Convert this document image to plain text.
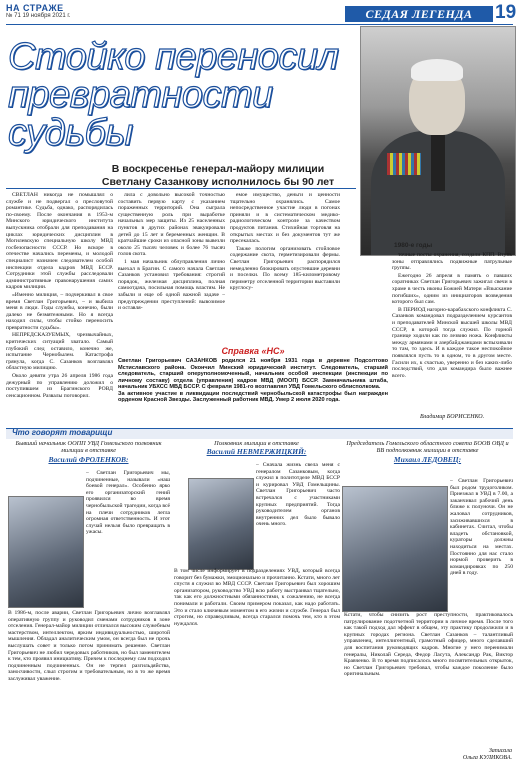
НА СТРАЖЕ
№ 71 19 ноября 2021 г.	СЕДАЯ ЛЕГЕНДА	19
Стойко переносил
превратности судьбы
1980-е годы
В воскресенье генерал-майору милиции Светлану Сазанкову исполнилось бы 90 лет

СВЕТЛАН никогда не помышлял о службе и не подвергал о пресловутой романтике. Судьба, однако, распорядилась по-своему. После окончания в 1953-м Минского юридического института выпускника отобрали для преподавания на циклах юридических дисциплин в Могилевскую специальную школу МВД госбезопасности СССР. Но вскоре в отечестве начались перемены, и молодой специалист назначен следователем особой инспекции отдела кадров МВД БССР. Сотрудники этой службы расследовали административные правонарушения самих кадров милиции.

«Именно милиция, – подчеркивал в свое время Светлан Григорьевич, – и выбила меня в люди. Годы службы, конечно, были далеко не безмятежными. Но я всегда находил силы, чтобы стойко переносить превратности судьбы».

НЕПРЕДСКАЗУЕМЫХ, чрезвычайных, критических ситуаций хватало. Самый глубокий след оставило, конечно же, испытание Чернобылем. Катастрофа грянула, когда С. Сазанков возглавлял областную милицию.

Около девяти утра 26 апреля 1986 года дежурный по управлению доложил о поступившем из Брагинского РОВД сенсационном. Развалы поговорил.

лила с довольно высокой точностью составить первую карту с указанием пораженных территорий. Она сыграла существенную роль при выработке начальных мер защиты. Из 25 населенных пунктов в других районах эвакуировали детей до 15 лет и беременных женщин. В кратчайшие сроки из опасной зоны вывезли около 25 тысяч человек и более 76 тысяч голов скота.

1 мая начальник облуправления лично выехал в Брагин. С самого начала Светлан Сазанков установил требования: строгий порядок, железная дисциплина, полная самоотдача, посильная помощь властям. Не забыли и еще об одной важной задаче – предупреждении преступлений: вывозимое и оставля-

емое имущество, деньги и ценности тщательно охранялись. Самое непосредственное участие люди в погонах приняли и в систематическом медико-радиологическом контроле за качеством продуктов питания. Стихийная торговля на открытых местах и без документов тут же пресекалась.

Также пологим организовать стойловое содержание скота, герметизировали фермы. Светлан Григорьевич распорядился немедленно блокировать опустевшие деревни и поселки. По всему 185-километровому периметру отселенной территории выставили круглосу-

точные посты охранения, создали КПП. Втупь зоны отправлялись подвижные патрульные группы.

Ежегодно 26 апреля в память о павших соратниках Светлан Григорьевич зажигал свечи в храме в честь иконы Божией Матери «Взыскание погибших», одним из инициаторов возведения которого был сам.

В ПЕРИОД нагорно-карабахского конфликта С. Сазанков командовал подразделением курсантов и преподавателей Минской высшей школы МВД СССР, в которой тогда служил. По горной границе ходили как по лезвию ножа. Конфликты между армянами и азербайджанцами вспыхивали то там, то здесь. И в каждое такое неспокойное появлялся пусть то в одном, то в другом месте. Гасили их, к счастью, уверенно и без каких-либо последствий, что для командира было важнее всего.

Справка «НС»
Светлан Григорьевич САЗАНКОВ родился 21 ноября 1931 года в деревне Подсолтово Мстиславского района. Окончил Минский юридический институт. Следователь, старший следователь, старший оперуполномоченный, начальник особой инспекции (инспекции по личному составу) отдела (управления) кадров МВД (МООП) БССР. Замначальника штаба, начальник УБХСС МВД БССР. С февраля 1981-го возглавлял УВД Гомельского облисполкома.
За активное участие в ликвидации последствий чернобыльской катастрофы был награжден орденом Красной Звезды. Заслуженный работник МВД. Умер 2 июля 2020 года.
Владимир БОРИСЕНКО.
Что говорят товарищи
Бывший начальник ООПП УВД Гомельского полковник милиции в отставке
Василий ФРОЛЕНКОВ:
– Светлан Григорьевич мы, подчиненные, называли «наш боевой генерал». Особенно ярко его организаторский гений проявился во время чернобыльской трагедии, когда всё на плечи сотрудников легла огромная ответственность. И этот случай нельзя было превращать в ужасы.
В 1986-м, после аварии, Светлан Григорьевич лично возглавлял оперативную группу и руководил сменами сотрудников в зоне отселения. Генерал-майор милиции отличался высоким служебным мастерством, интеллектом, ярким индивидуальностью, широтой мышления. Обладал аналитическим умом, он всегда был не прочь выслушать совет и только потом принимать решение. Светлан Григорьевич не любил чередовых работников, но был заменителем к тем, кто проявил инициативу. Причем к последнему сам подходил подчиненным подчиненных. Он не терпел разгильдяйства, заносчивости, слыл строгим и требовательным, но в то же время заслуживал уважение.
Полковник милиции в отставке
Василий НЕВМЕРЖИЦКИЙ:
– Сначала жизнь свела меня с генералом Сазанковым, когда служил в политотделе МВД БССР и курировал УВД Гомельщины. Светлан Григорьевич часто встречался с участниками крупных предприятий. Тогда руководителем органов внутренних дел было бывало очень много.
В том числе информирует в подразделениях УВД, который всегда говорит без бумажки, эмоционально и прочитанно. Кстати, много лет спустя я служил во МВД СССР. Светлан Григорьевич был хорошим организатором, руководство УВД всю работу выстраивал тщательно, так как его должностными обязанностями, к сожалению, не всегда понимали и работали. Своим примером показал, как надо работать. Это и стало ключевым моментом в его жизни и службе. Генерал был строгим, но справедливым, всегда старался помочь тем, кто в этом нуждался.
Председатель Гомельского областного совета БООВ ОВД и ВВ подполковник милиции в отставке
Михаил ЛЕДОВЕЦ:
– Светлан Григорьевич был родом трудоголиком. Приезжал в УВД в 7.00, а заканчивал рабочий день ближе к полуночи. Он не жаловал сотрудников, засиживавшихся в кабинетах. Считал, чтобы владеть обстановкой, кураторы должны находиться на местах. Постоянно для нас стало нормой проверить в командировках по 250 дней в году.
Кстати, чтобы снизить рост преступности, практиковалось патрулирование подотчетной территории в личное время. После того как такой подход дал эффект в общем, эту практику продолжили и в крупных городах региона. Светлан Сазанков – талантливый управленец, интеллигентный, грамотный офицер, много сделавший для воспитания руководящих кадров. Многие у него перенимали генералы, Николай Середа, Федор Ласута, Александр Рак, Виктор Кравченко. В то время подписалось много посвятительных открыток, но Светлан Григорьевич требовал, чтобы каждое поколение было оригинальным.
Записала
Ольга КУЛИКОВА.
